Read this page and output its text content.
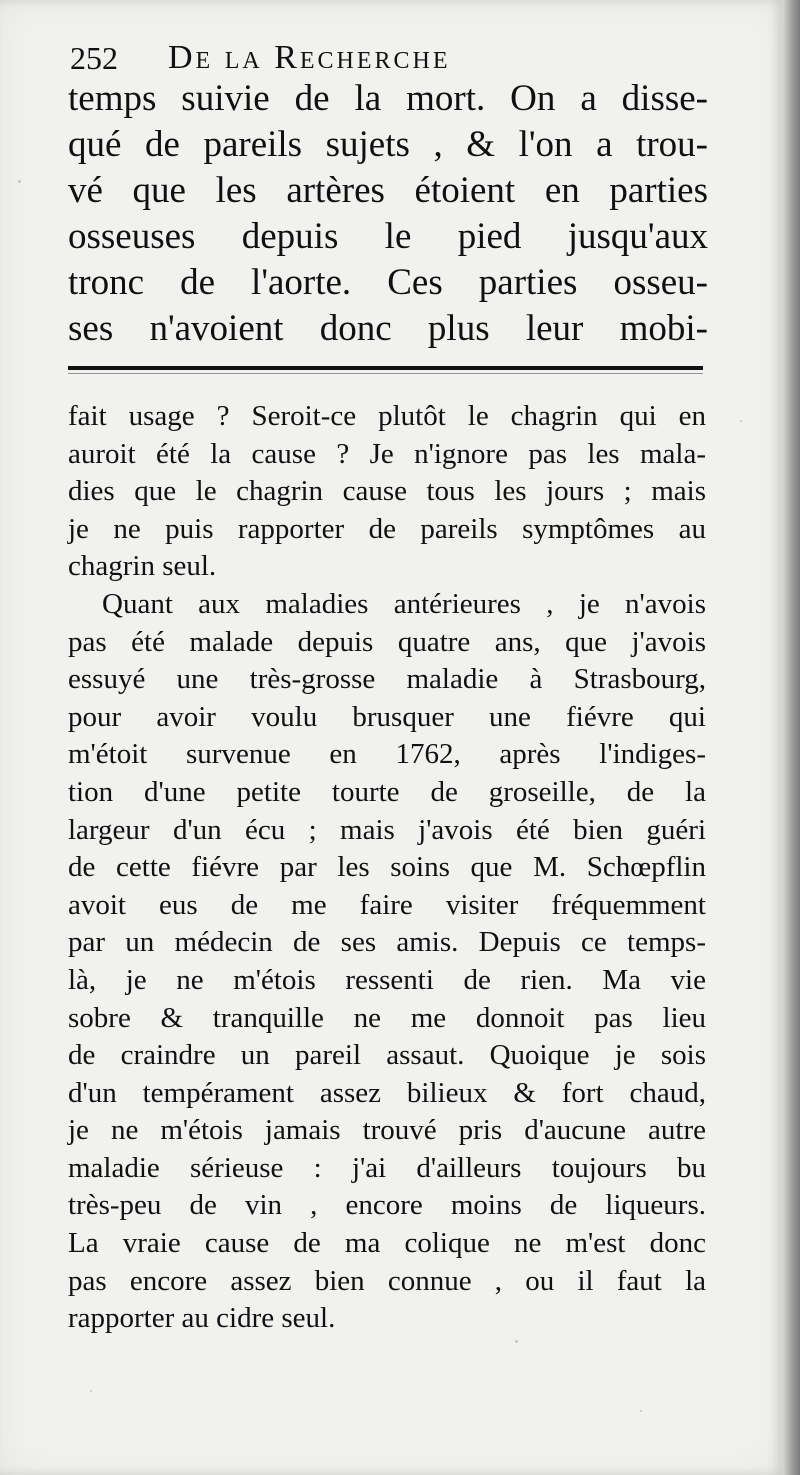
252 De la Recherche
temps suivie de la mort. On a disse-
qué de pareils sujets , & l'on a trou-
vé que les artères étoient en parties
osseuses depuis le pied jusqu'aux
tronc de l'aorte. Ces parties osseu-
ses n'avoient donc plus leur mobi-
fait usage ? Seroit-ce plutôt le chagrin qui en
auroit été la cause ? Je n'ignore pas les mala-
dies que le chagrin cause tous les jours ; mais
je ne puis rapporter de pareils symptômes au
chagrin seul.
Quant aux maladies antérieures , je n'avois
pas été malade depuis quatre ans, que j'avois
essuyé une très-grosse maladie à Strasbourg,
pour avoir voulu brusquer une fiévre qui
m'étoit survenue en 1762, après l'indiges-
tion d'une petite tourte de groseille, de la
largeur d'un écu ; mais j'avois été bien guéri
de cette fiévre par les soins que M. Schœpflin
avoit eus de me faire visiter fréquemment
par un médecin de ses amis. Depuis ce temps-
là, je ne m'étois ressenti de rien. Ma vie
sobre & tranquille ne me donnoit pas lieu
de craindre un pareil assaut. Quoique je sois
d'un tempérament assez bilieux & fort chaud,
je ne m'étois jamais trouvé pris d'aucune autre
maladie sérieuse : j'ai d'ailleurs toujours bu
très-peu de vin , encore moins de liqueurs.
La vraie cause de ma colique ne m'est donc
pas encore assez bien connue , ou il faut la
rapporter au cidre seul.
